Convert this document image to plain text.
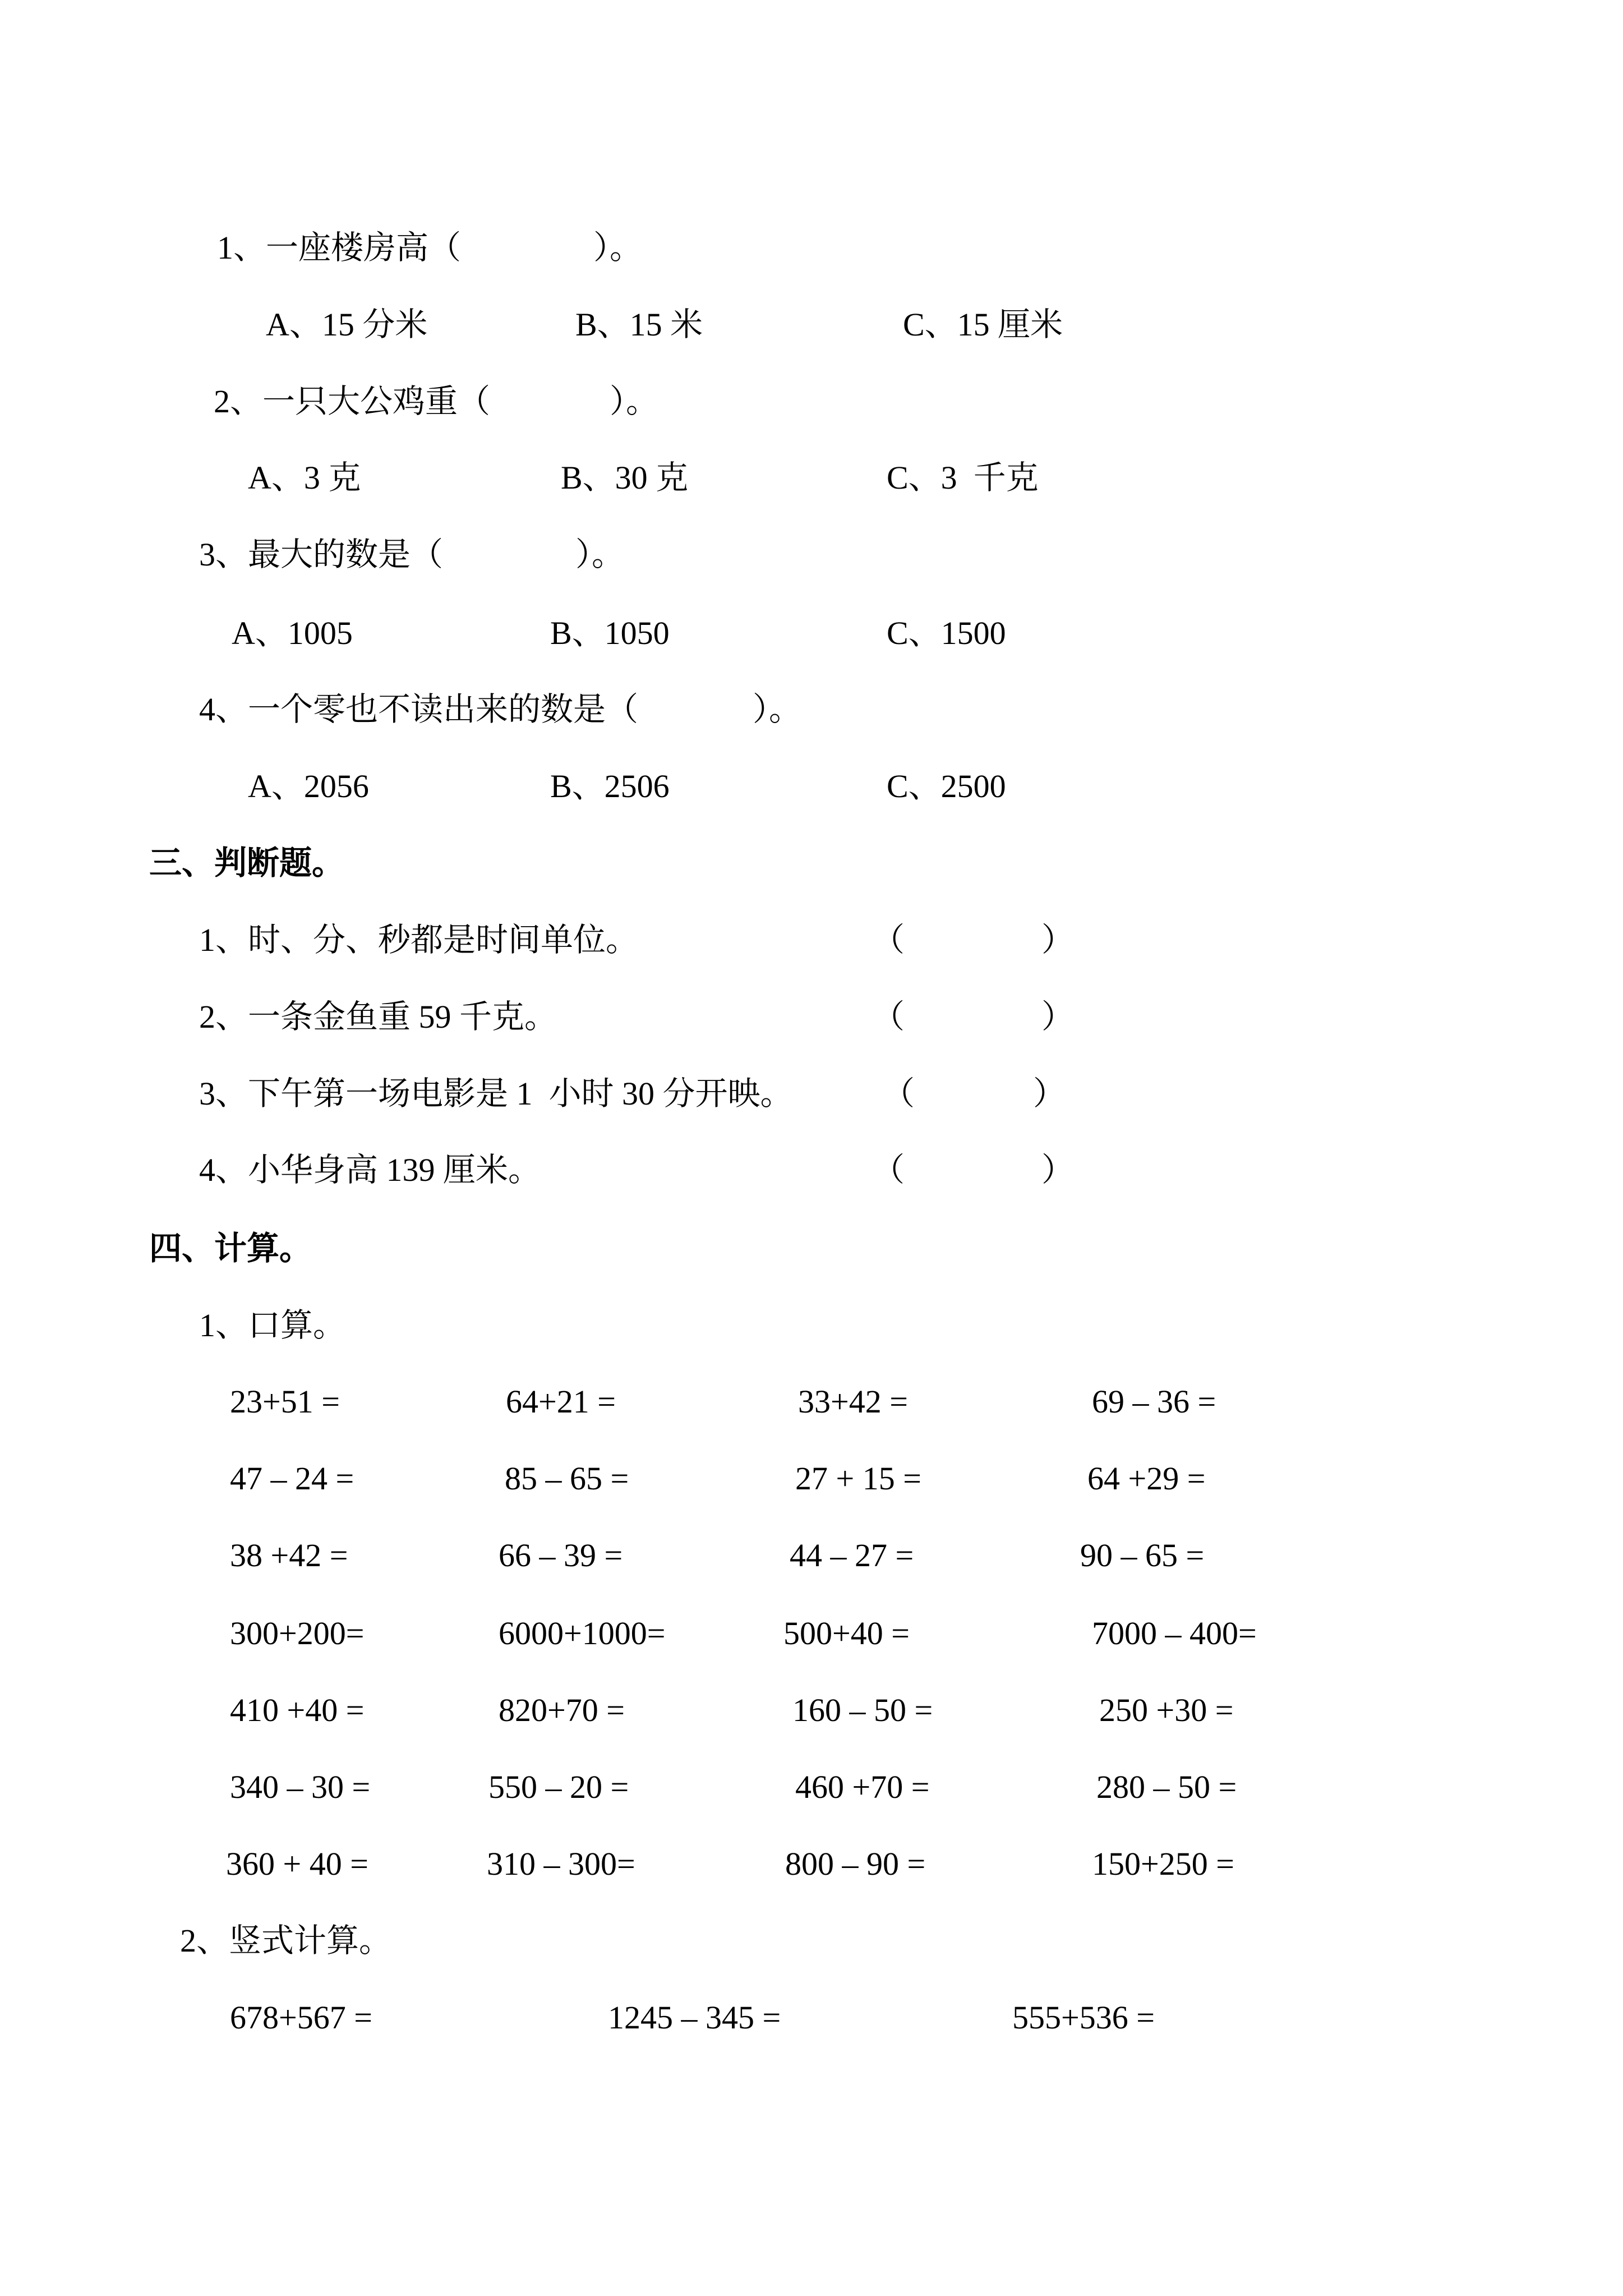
1、一座楼房高（	）。
A、15 分米	B、15 米	C、15 厘米
2、一只大公鸡重（	）。
A、3 克	B、30 克	C、3  千克
3、最大的数是（	）。
A、1005	B、1050	C、1500
4、一个零也不读出来的数是（	）。
A、2056	B、2506	C、2500
三、判断题。
1、时、分、秒都是时间单位。	（	）
2、一条金鱼重 59 千克。	（	）
3、下午第一场电影是 1  小时 30 分开映。	（	）
4、小华身高 139 厘米。	（	）
四、计算。
1、口算。
23+51 =	64+21 =	33+42 =	69 – 36 =
47 – 24 =	85 – 65 =	27 + 15 =	64 +29 =
38 +42 =	66 – 39 =	44 – 27 =	90 – 65 =
300+200=	6000+1000=	500+40 =	7000 – 400=
410 +40 =	820+70 =	160 – 50 =	250 +30 =
340 – 30 =	550 – 20 =	460 +70 =	280 – 50 =
360 + 40 =	310 – 300=	800 – 90 =	150+250 =
2、竖式计算。
678+567 =	1245 – 345 =	555+536 =
